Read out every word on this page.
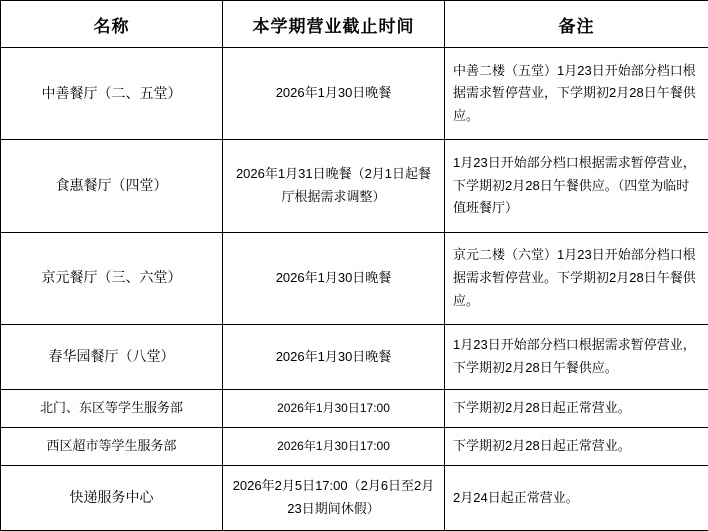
名称	本学期营业截止时间	备注
中善餐厅（二、五堂）	2026年1月30日晚餐	中善二楼（五堂）1月23日开始部分档口根据需求暂停营业，下学期初2月28日午餐供应。
食惠餐厅（四堂）	2026年1月31日晚餐（2月1日起餐厅根据需求调整）	1月23日开始部分档口根据需求暂停营业，下学期初2月28日午餐供应。（四堂为临时值班餐厅）
京元餐厅（三、六堂）	2026年1月30日晚餐	京元二楼（六堂）1月23日开始部分档口根据需求暂停营业。下学期初2月28日午餐供应。
春华园餐厅（八堂）	2026年1月30日晚餐	1月23日开始部分档口根据需求暂停营业，下学期初2月28日午餐供应。
北门、东区等学生服务部	2026年1月30日17:00	下学期初2月28日起正常营业。
西区超市等学生服务部	2026年1月30日17:00	下学期初2月28日起正常营业。
快递服务中心	2026年2月5日17:00（2月6日至2月23日期间休假）	2月24日起正常营业。
